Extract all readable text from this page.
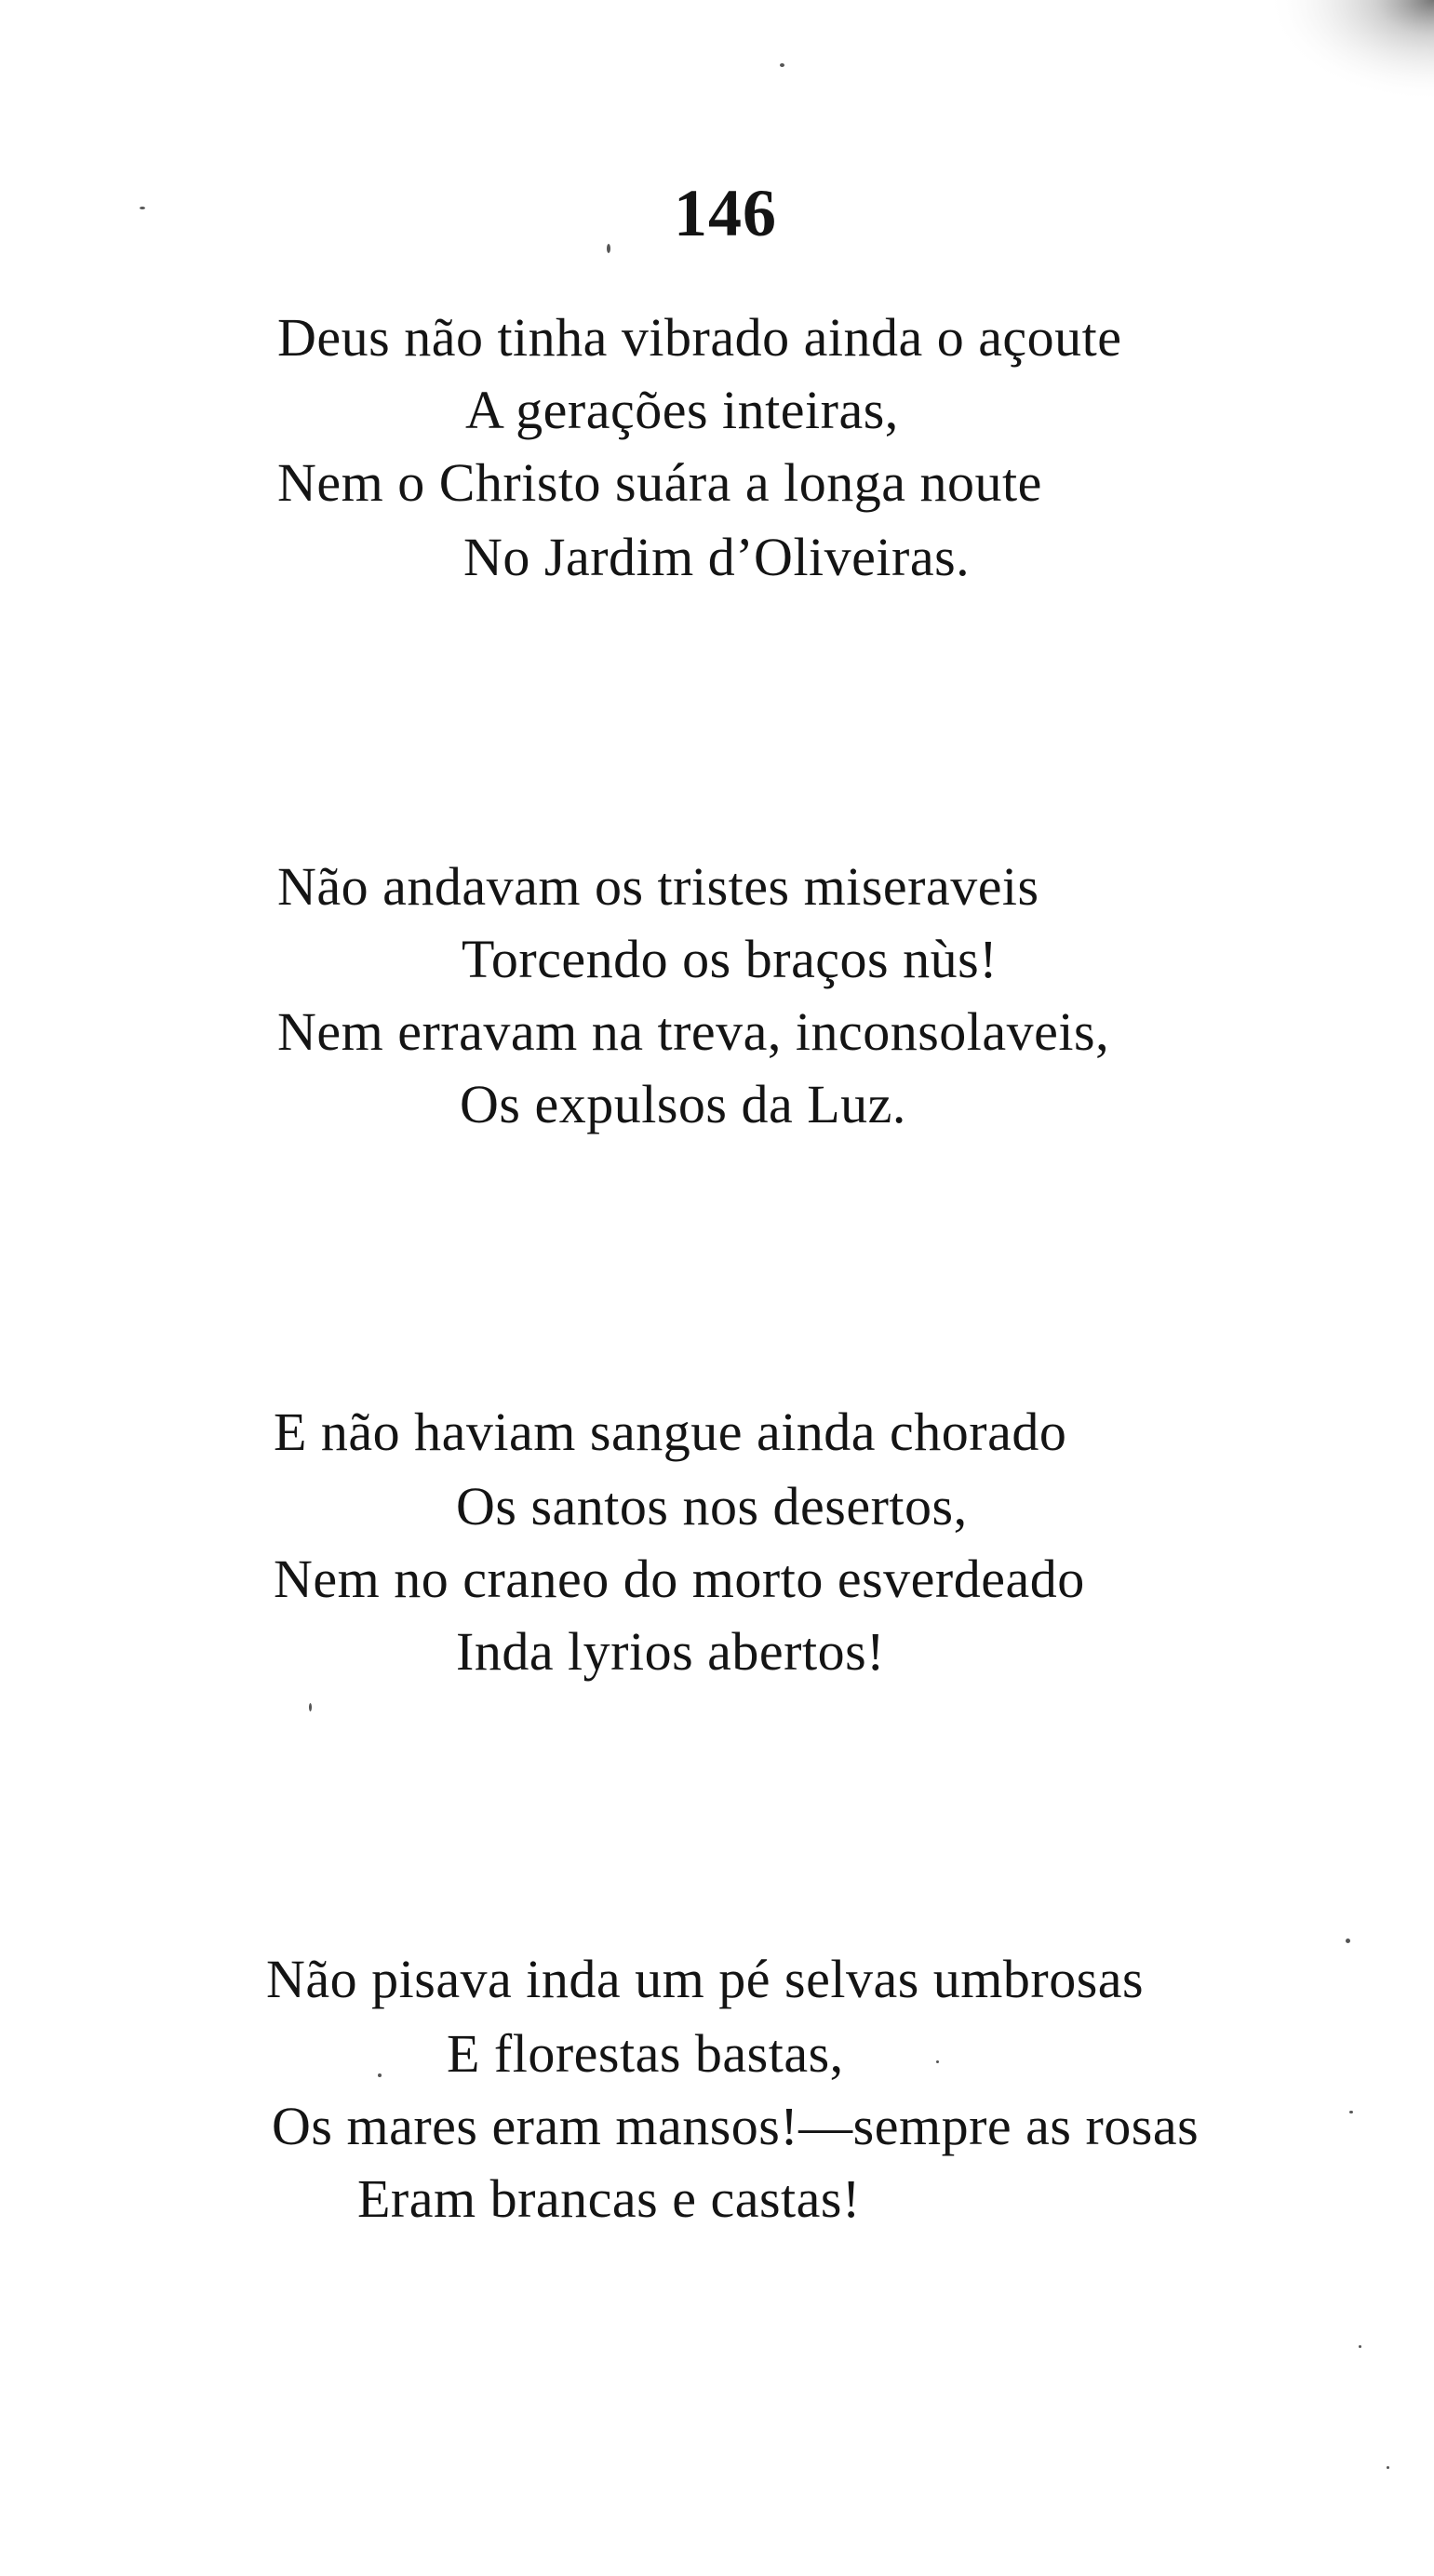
146
Deus não tinha vibrado ainda o açoute
A gerações inteiras,
Nem o Christo suára a longa noute
No Jardim d’Oliveiras.
Não andavam os tristes miseraveis
Torcendo os braços nùs!
Nem erravam na treva, inconsolaveis,
Os expulsos da Luz.
E não haviam sangue ainda chorado
Os santos nos desertos,
Nem no craneo do morto esverdeado
Inda lyrios abertos!
Não pisava inda um pé selvas umbrosas
E florestas bastas,
Os mares eram mansos!—sempre as rosas
Eram brancas e castas!
